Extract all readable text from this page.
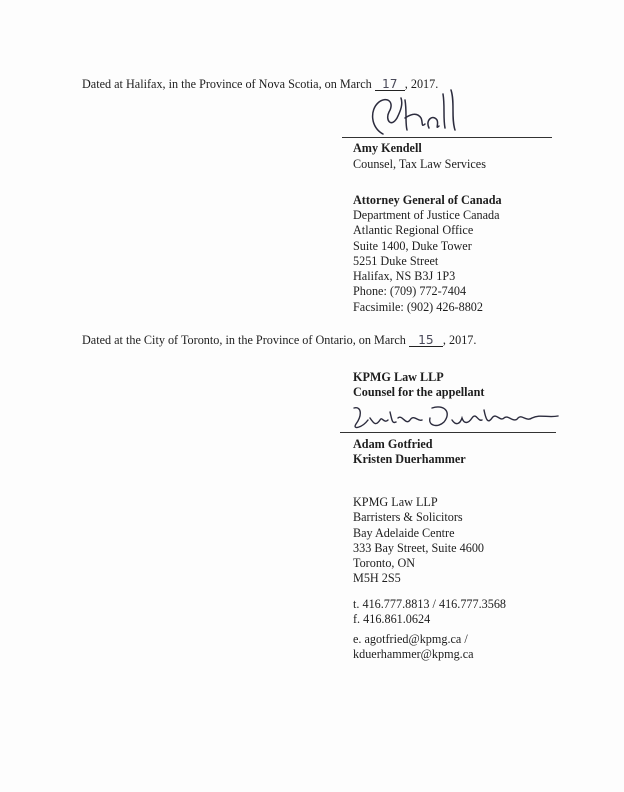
Dated at Halifax, in the Province of Nova Scotia, on March 17 , 2017.
Amy Kendell
Counsel, Tax Law Services
Attorney General of Canada
Department of Justice Canada
Atlantic Regional Office
Suite 1400, Duke Tower
5251 Duke Street
Halifax, NS B3J 1P3
Phone: (709) 772-7404
Facsimile: (902) 426-8802
Dated at the City of Toronto, in the Province of Ontario, on March 15 , 2017.
KPMG Law LLP
Counsel for the appellant
Adam Gotfried
Kristen Duerhammer
KPMG Law LLP
Barristers & Solicitors
Bay Adelaide Centre
333 Bay Street, Suite 4600
Toronto, ON
M5H 2S5
t. 416.777.8813 / 416.777.3568
f. 416.861.0624
e. agotfried@kpmg.ca /
kduerhammer@kpmg.ca
